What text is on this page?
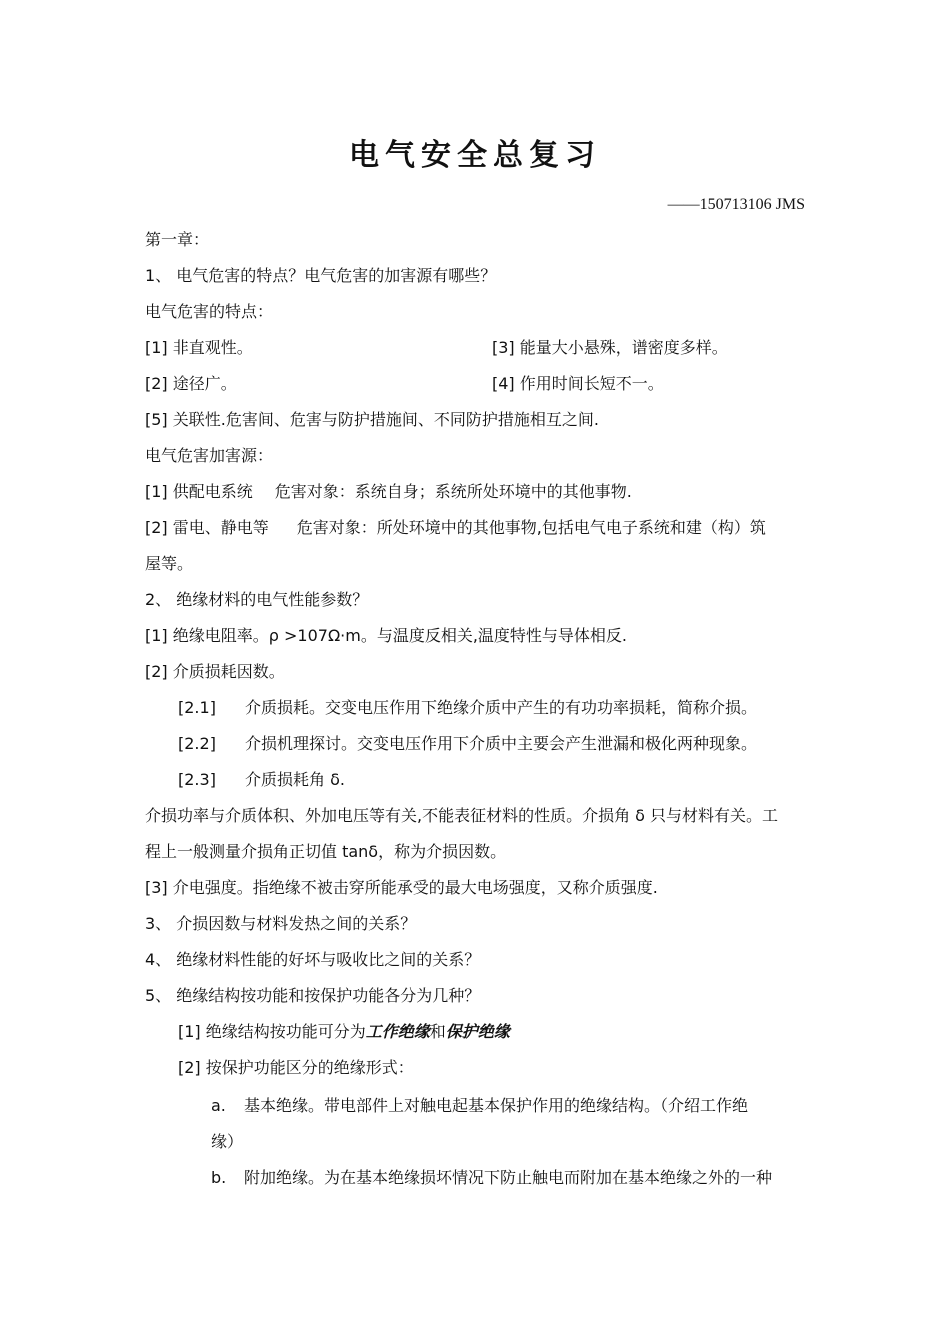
电气安全总复习
——150713106 JMS
第一章：
1、 电气危害的特点？电气危害的加害源有哪些？
电气危害的特点：
[1] 非直观性。	[3] 能量大小悬殊，谱密度多样。
[2] 途径广。	[4] 作用时间长短不一。
[5] 关联性.危害间、危害与防护措施间、不同防护措施相互之间.
电气危害加害源：
[1] 供配电系统 危害对象：系统自身；系统所处环境中的其他事物.
[2] 雷电、静电等 危害对象：所处环境中的其他事物,包括电气电子系统和建（构）筑
屋等。
2、 绝缘材料的电气性能参数？
[1] 绝缘电阻率。ρ >107Ω·m。与温度反相关,温度特性与导体相反.
[2] 介质损耗因数。
[2.1] 介质损耗。交变电压作用下绝缘介质中产生的有功功率损耗，简称介损。
[2.2] 介损机理探讨。交变电压作用下介质中主要会产生泄漏和极化两种现象。
[2.3] 介质损耗角 δ.
介损功率与介质体积、外加电压等有关,不能表征材料的性质。介损角 δ 只与材料有关。工
程上一般测量介损角正切值 tanδ，称为介损因数。
[3] 介电强度。指绝缘不被击穿所能承受的最大电场强度，又称介质强度.
3、 介损因数与材料发热之间的关系？
4、 绝缘材料性能的好坏与吸收比之间的关系？
5、 绝缘结构按功能和按保护功能各分为几种？
[1] 绝缘结构按功能可分为工作绝缘和保护绝缘
[2] 按保护功能区分的绝缘形式：
a. 基本绝缘。带电部件上对触电起基本保护作用的绝缘结构。（介绍工作绝
缘）
b. 附加绝缘。为在基本绝缘损坏情况下防止触电而附加在基本绝缘之外的一种
